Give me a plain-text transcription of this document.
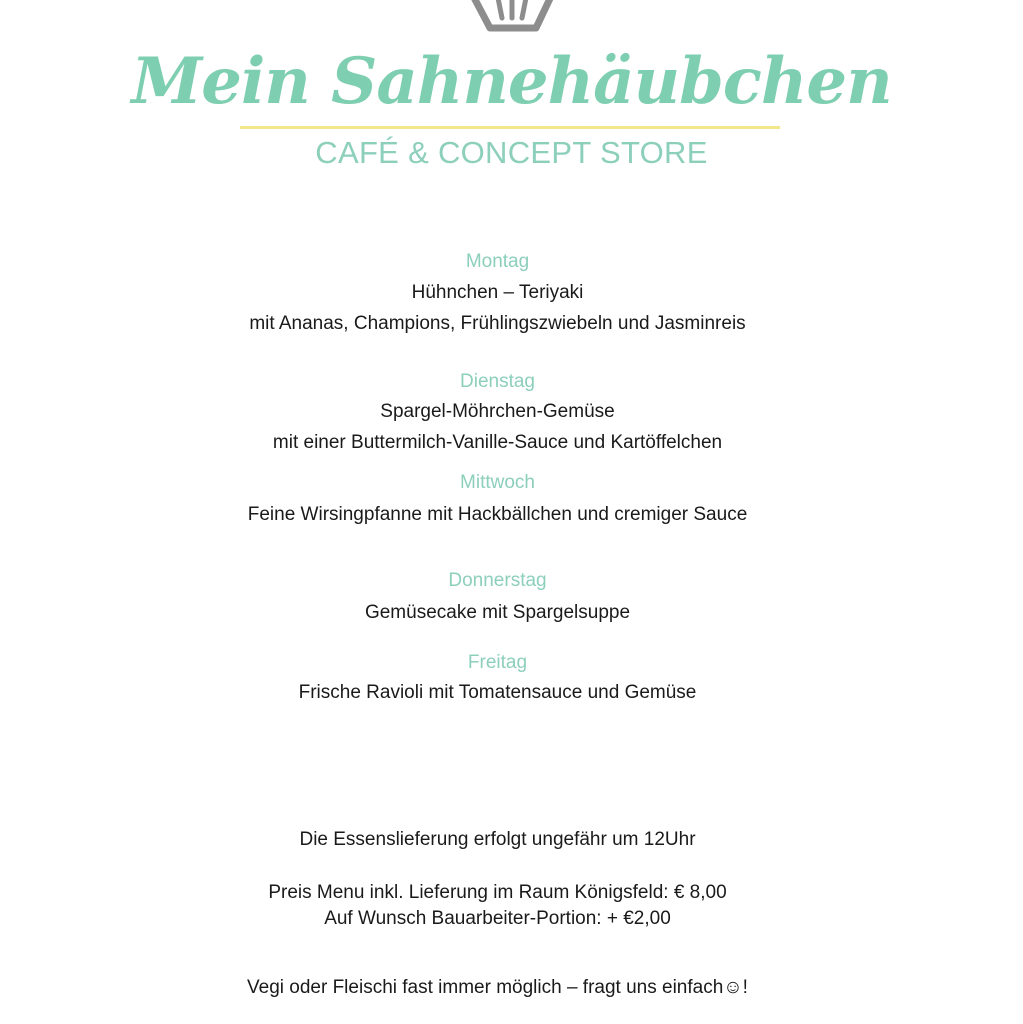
Mein Sahnehäubchen
CAFÉ & CONCEPT STORE
Montag
Hühnchen – Teriyaki
mit Ananas, Champions, Frühlingszwiebeln und Jasminreis
Dienstag
Spargel-Möhrchen-Gemüse
mit einer Buttermilch-Vanille-Sauce und Kartöffelchen
Mittwoch
Feine Wirsingpfanne mit Hackbällchen und cremiger Sauce
Donnerstag
Gemüsecake mit Spargelsuppe
Freitag
Frische Ravioli mit Tomatensauce und Gemüse
Die Essenslieferung erfolgt ungefähr um 12Uhr
Preis Menu inkl. Lieferung im Raum Königsfeld: € 8,00
Auf Wunsch Bauarbeiter-Portion: + €2,00
Vegi oder Fleischi fast immer möglich – fragt uns einfach☺!
